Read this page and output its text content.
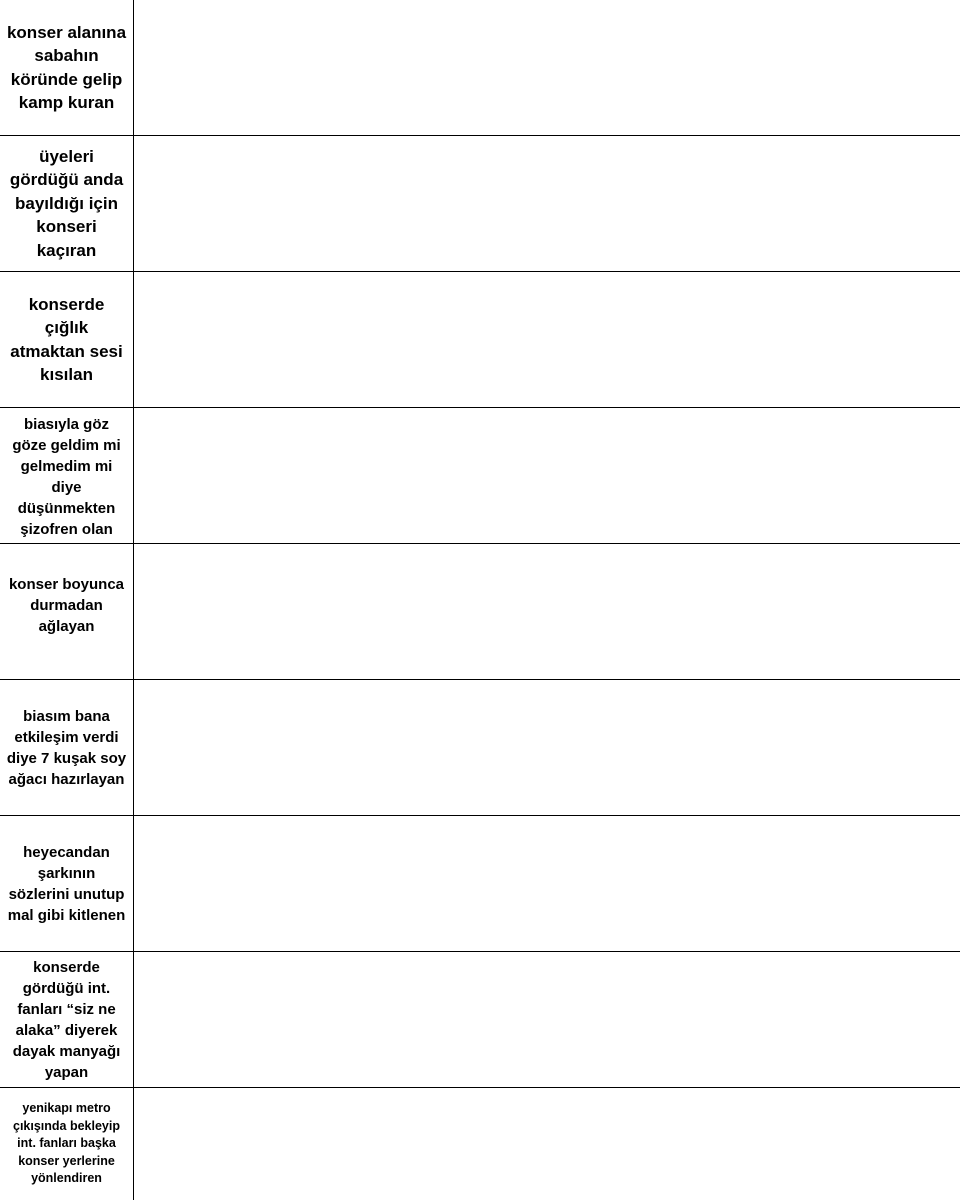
konser alanına sabahın köründe gelip kamp kuran
üyeleri gördüğü anda bayıldığı için konseri kaçıran
konserde çığlık atmaktan sesi kısılan
biasıyla göz göze geldim mi gelmedim mi diye düşünmekten şizofren olan
konser boyunca durmadan ağlayan
biasım bana etkileşim verdi diye 7 kuşak soy ağacı hazırlayan
heyecandan şarkının sözlerini unutup mal gibi kitlenen
konserde gördüğü int. fanları “siz ne alaka” diyerek dayak manyağı yapan
yenikapı metro çıkışında bekleyip int. fanları başka konser yerlerine yönlendiren
